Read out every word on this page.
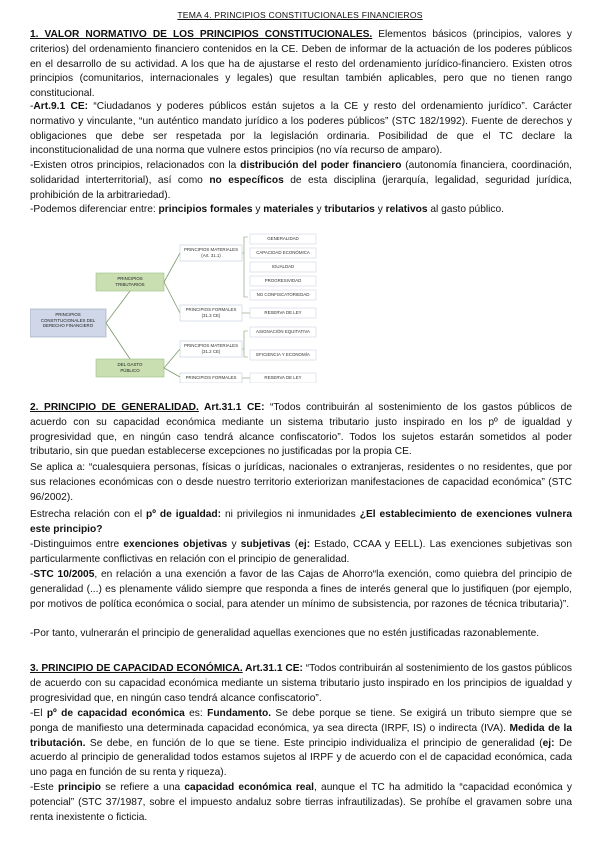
TEMA 4. PRINCIPIOS CONSTITUCIONALES FINANCIEROS

1. VALOR NORMATIVO DE LOS PRINCIPIOS CONSTITUCIONALES. Elementos básicos (principios, valores y criterios) del ordenamiento financiero contenidos en la CE. Deben de informar de la actuación de los poderes públicos en el desarrollo de su actividad. A los que ha de ajustarse el resto del ordenamiento jurídico-financiero. Existen otros principios (comunitarios, internacionales y legales) que resultan también aplicables, pero que no tienen rango constitucional.

-Art.9.1 CE: “Ciudadanos y poderes públicos están sujetos a la CE y resto del ordenamiento jurídico”. Carácter normativo y vinculante, “un auténtico mandato jurídico a los poderes públicos” (STC 182/1992). Fuente de derechos y obligaciones que debe ser respetada por la legislación ordinaria. Posibilidad de que el TC declare la inconstitucionalidad de una norma que vulnere estos principios (no vía recurso de amparo).

-Existen otros principios, relacionados con la distribución del poder financiero (autonomía financiera, coordinación, solidaridad interterritorial), así como no específicos de esta disciplina (jerarquía, legalidad, seguridad jurídica, prohibición de la arbitrariedad).

-Podemos diferenciar entre: principios formales y materiales y tributarios y relativos al gasto público.

PRINCIPIOS
CONSTITUCIONALES DEL
DERECHO FINANCIERO
PRINCIPIOS
TRIBUTARIOS
DEL GASTO
PÚBLICO
PRINCIPIOS MATERIALES
(Art. 31.1)
PRINCIPIOS FORMALES
(31.3 CE)
PRINCIPIOS MATERIALES
(31.2 CE)
PRINCIPIOS FORMALES
GENERALIDAD
CAPACIDAD ECONÓMICA
IGUALDAD
PROGRESIVIDAD
NO CONFISCATORIEDAD
RESERVA DE LEY
ASIGNACIÓN EQUITATIVA
EFICIENCIA Y ECONOMÍA
RESERVA DE LEY

2. PRINCIPIO DE GENERALIDAD. Art.31.1 CE: “Todos contribuirán al sostenimiento de los gastos públicos de acuerdo con su capacidad económica mediante un sistema tributario justo inspirado en los pº de igualdad y progresividad que, en ningún caso tendrá alcance confiscatorio”. Todos los sujetos estarán sometidos al poder tributario, sin que puedan establecerse excepciones no justificadas por la propia CE.

Se aplica a: “cualesquiera personas, físicas o jurídicas, nacionales o extranjeras, residentes o no residentes, que por sus relaciones económicas con o desde nuestro territorio exteriorizan manifestaciones de capacidad económica” (STC 96/2002).

Estrecha relación con el pº de igualdad: ni privilegios ni inmunidades ¿El establecimiento de exenciones vulnera este principio?

-Distinguimos entre exenciones objetivas y subjetivas (ej: Estado, CCAA y EELL). Las exenciones subjetivas son particularmente conflictivas en relación con el principio de generalidad.

-STC 10/2005, en relación a una exención a favor de las Cajas de Ahorro“la exención, como quiebra del principio de generalidad (...) es plenamente válido siempre que responda a fines de interés general que lo justifiquen (por ejemplo, por motivos de política económica o social, para atender un mínimo de subsistencia, por razones de técnica tributaria)”.

-Por tanto, vulnerarán el principio de generalidad aquellas exenciones que no estén justificadas razonablemente.

3. PRINCIPIO DE CAPACIDAD ECONÓMICA. Art.31.1 CE: “Todos contribuirán al sostenimiento de los gastos públicos de acuerdo con su capacidad económica mediante un sistema tributario justo inspirado en los principios de igualdad y progresividad que, en ningún caso tendrá alcance confiscatorio”.

-El pº de capacidad económica es: Fundamento. Se debe porque se tiene. Se exigirá un tributo siempre que se ponga de manifiesto una determinada capacidad económica, ya sea directa (IRPF, IS) o indirecta (IVA). Medida de la tributación. Se debe, en función de lo que se tiene. Este principio individualiza el principio de generalidad (ej: De acuerdo al principio de generalidad todos estamos sujetos al IRPF y de acuerdo con el de capacidad económica, cada uno paga en función de su renta y riqueza).

-Este principio se refiere a una capacidad económica real, aunque el TC ha admitido la “capacidad económica y potencial” (STC 37/1987, sobre el impuesto andaluz sobre tierras infrautilizadas). Se prohíbe el gravamen sobre una renta inexistente o ficticia.
